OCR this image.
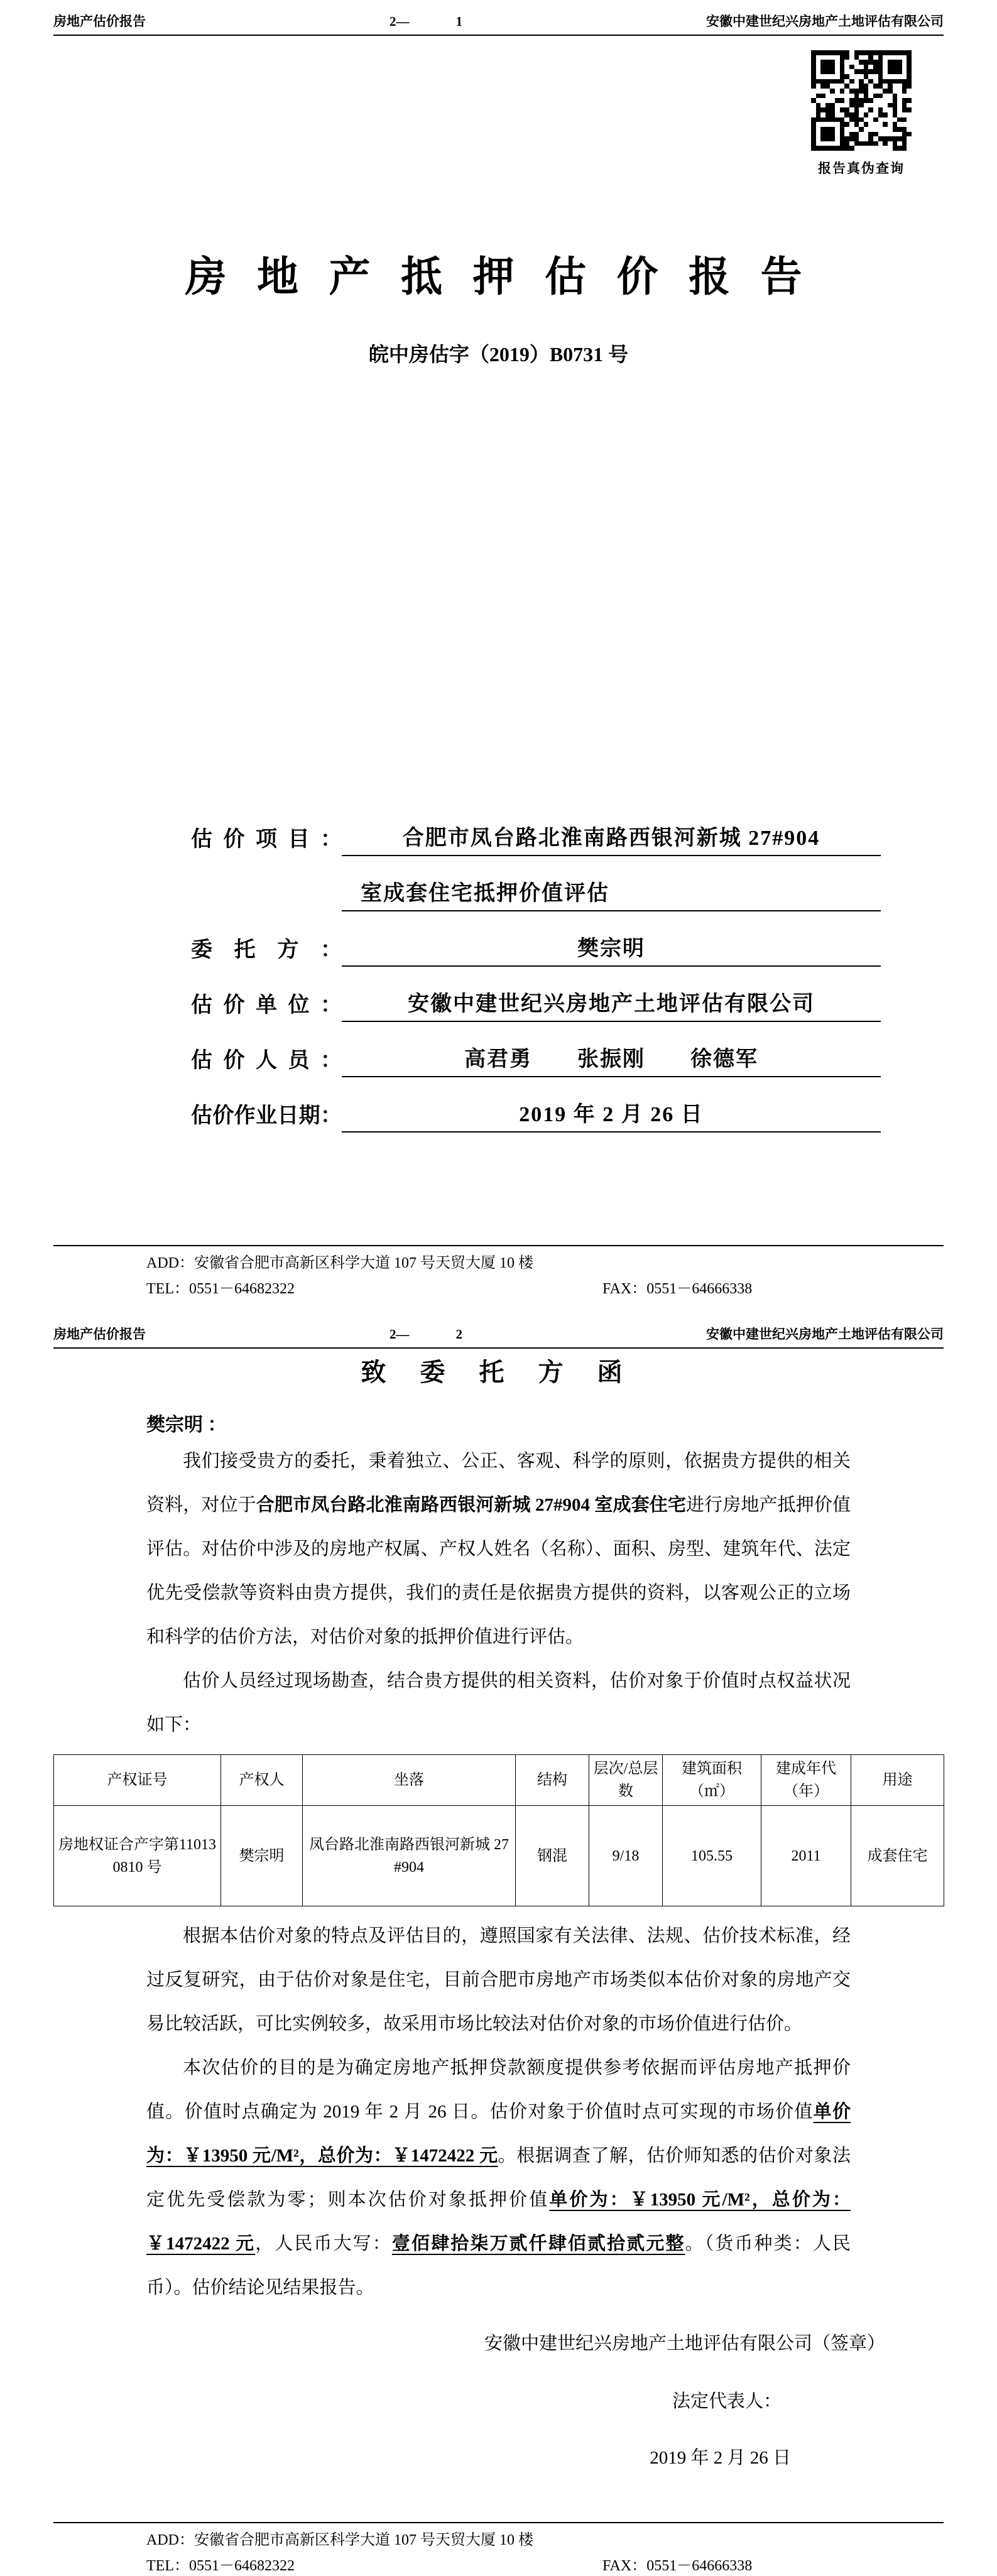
房地产估价报告	2—	1	安徽中建世纪兴房地产土地评估有限公司
报告真伪查询
房 地 产 抵 押 估 价 报 告
皖中房估字（2019）B0731 号
估价项目：	合肥市凤台路北淮南路西银河新城 27#904
室成套住宅抵押价值评估
委托方：	樊宗明
估价单位：	安徽中建世纪兴房地产土地评估有限公司
估价人员：	高君勇　　张振刚　　徐德军
估价作业日期：	2019 年 2 月 26 日
ADD：安徽省合肥市高新区科学大道 107 号天贸大厦 10 楼
TEL：0551－64682322	FAX：0551－64666338
房地产估价报告	2—	2	安徽中建世纪兴房地产土地评估有限公司
致 委 托 方 函
樊宗明 ：

我们接受贵方的委托，秉着独立、公正、客观、科学的原则，依据贵方提供的相关资料，对位于合肥市凤台路北淮南路西银河新城 27#904 室成套住宅进行房地产抵押价值评估。对估价中涉及的房地产权属、产权人姓名（名称）、面积、房型、建筑年代、法定优先受偿款等资料由贵方提供，我们的责任是依据贵方提供的资料，以客观公正的立场和科学的估价方法，对估价对象的抵押价值进行评估。

估价人员经过现场勘查，结合贵方提供的相关资料，估价对象于价值时点权益状况如下：

产权证号	产权人	坐落	结构	层次/总层数	建筑面积（㎡）	建成年代（年）	用途
房地权证合产字第110130810 号	樊宗明	凤台路北淮南路西银河新城 27#904	钢混	9/18	105.55	2011	成套住宅

根据本估价对象的特点及评估目的，遵照国家有关法律、法规、估价技术标准，经过反复研究，由于估价对象是住宅，目前合肥市房地产市场类似本估价对象的房地产交易比较活跃，可比实例较多，故采用市场比较法对估价对象的市场价值进行估价。

本次估价的目的是为确定房地产抵押贷款额度提供参考依据而评估房地产抵押价值。价值时点确定为 2019 年 2 月 26 日。估价对象于价值时点可实现的市场价值单价为：￥13950 元/M²，总价为：￥1472422 元。根据调查了解，估价师知悉的估价对象法定优先受偿款为零；则本次估价对象抵押价值单价为：￥13950 元/M²，总价为：￥1472422 元，人民币大写：壹佰肆拾柒万贰仟肆佰贰拾贰元整。（货币种类：人民币）。估价结论见结果报告。

安徽中建世纪兴房地产土地评估有限公司（签章）
法定代表人：
2019 年 2 月 26 日
ADD：安徽省合肥市高新区科学大道 107 号天贸大厦 10 楼
TEL：0551－64682322	FAX：0551－64666338
